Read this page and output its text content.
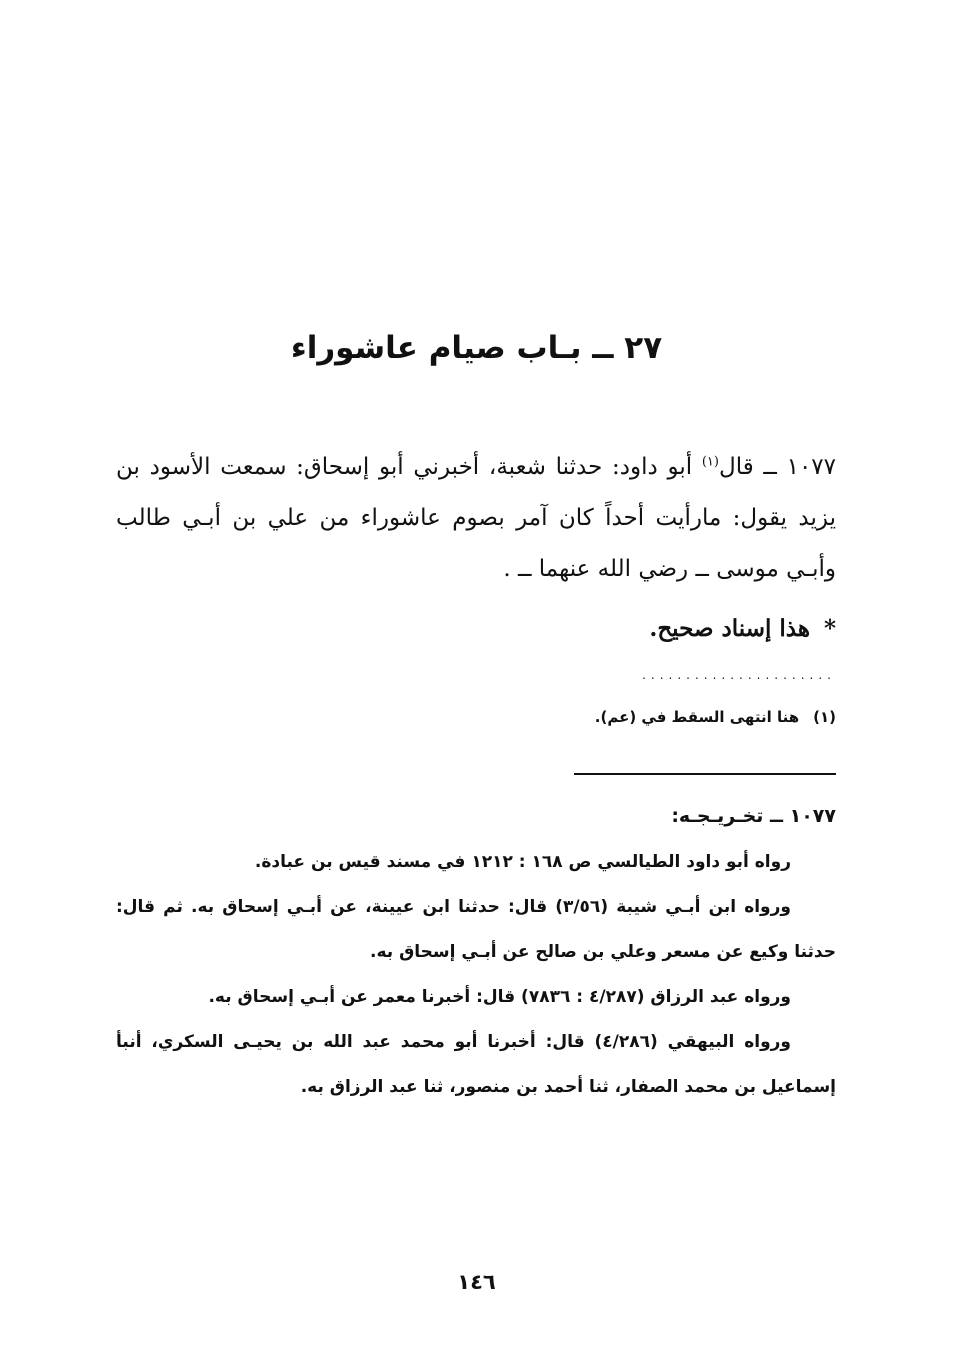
٢٧ ــ بـاب صيام عاشوراء

١٠٧٧ ــ قال$^{(١)}$ أبو داود: حدثنا شعبة، أخبرني أبو إسحاق: سمعت الأسود بن يزيد يقول: مارأيت أحداً كان آمر بصوم عاشوراء من علي بن أبـي طالب وأبـي موسى ــ رضي الله عنهما ــ .

*هذا إسناد صحيح.

......................

(١)هنا انتهى السقط في (عم).

١٠٧٧ ــ تخـريـجـه:

رواه أبو داود الطيالسي ص ١٦٨ : ١٢١٢ في مسند قيس بن عبادة.

ورواه ابن أبـي شيبة (٣/٥٦) قال: حدثنا ابن عيينة، عن أبـي إسحاق به. ثم قال: حدثنا وكيع عن مسعر وعلي بن صالح عن أبـي إسحاق به.

ورواه عبد الرزاق (٤/٢٨٧ : ٧٨٣٦) قال: أخبرنا معمر عن أبـي إسحاق به.

ورواه البيهقي (٤/٢٨٦) قال: أخبرنا أبو محمد عبد الله بن يحيـى السكري، أنبأ إسماعيل بن محمد الصفار، ثنا أحمد بن منصور، ثنا عبد الرزاق به.

١٤٦
